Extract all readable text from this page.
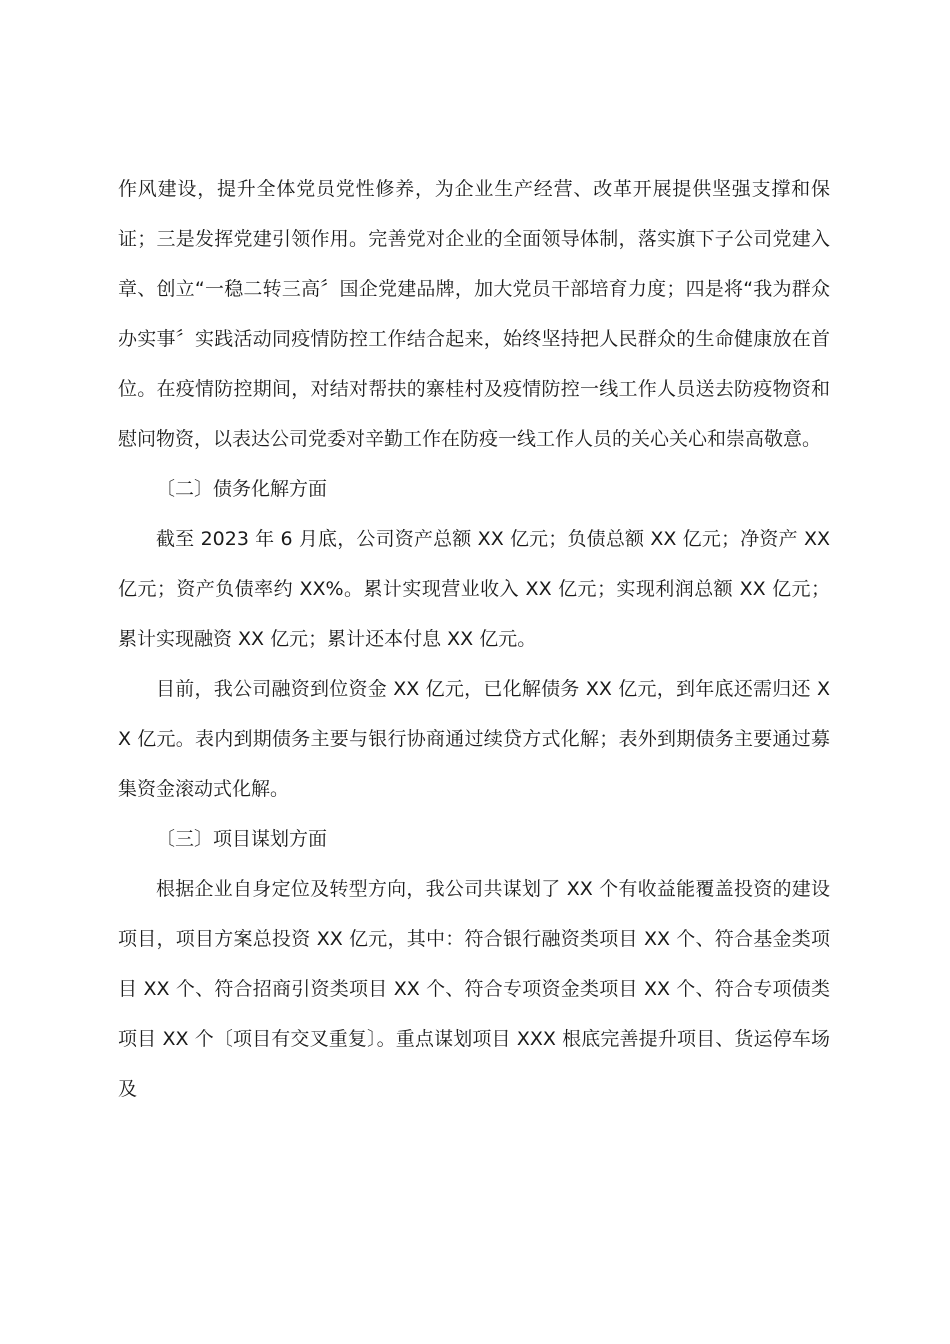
作风建设，提升全体党员党性修养，为企业生产经营、改革开展提供坚强支撑和保证；三是发挥党建引领作用。完善党对企业的全面领导体制，落实旗下子公司党建入章、创立“一稳二转三高〞国企党建品牌，加大党员干部培育力度；四是将“我为群众办实事〞实践活动同疫情防控工作结合起来，始终坚持把人民群众的生命健康放在首位。在疫情防控期间，对结对帮扶的寨桂村及疫情防控一线工作人员送去防疫物资和慰问物资，以表达公司党委对辛勤工作在防疫一线工作人员的关心关心和崇高敬意。

〔二〕债务化解方面

截至 2023 年 6 月底，公司资产总额 XX 亿元；负债总额 XX 亿元；净资产 XX 亿元；资产负债率约 XX%。累计实现营业收入 XX 亿元；实现利润总额 XX 亿元；累计实现融资 XX 亿元；累计还本付息 XX 亿元。

目前，我公司融资到位资金 XX 亿元，已化解债务 XX 亿元，到年底还需归还 XX 亿元。表内到期债务主要与银行协商通过续贷方式化解；表外到期债务主要通过募集资金滚动式化解。

〔三〕项目谋划方面

根据企业自身定位及转型方向，我公司共谋划了 XX 个有收益能覆盖投资的建设项目，项目方案总投资 XX 亿元，其中：符合银行融资类项目 XX 个、符合基金类项目 XX 个、符合招商引资类项目 XX 个、符合专项资金类项目 XX 个、符合专项债类项目 XX 个〔项目有交叉重复〕。重点谋划项目 XXX 根底完善提升项目、货运停车场及
